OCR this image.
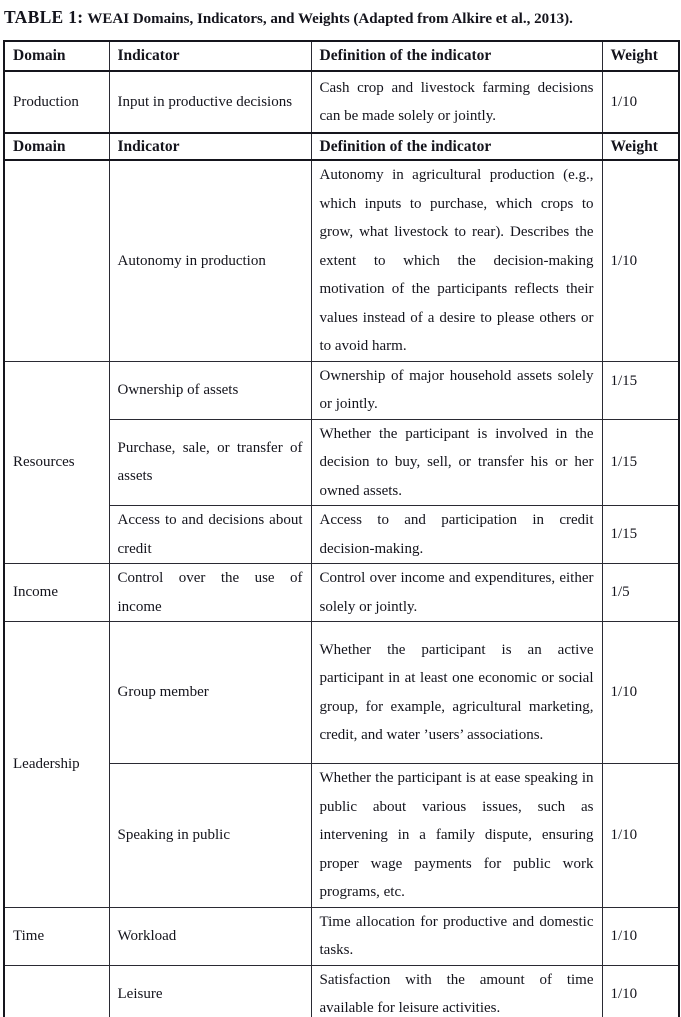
TABLE 1: WEAI Domains, Indicators, and Weights (Adapted from Alkire et al., 2013).

Domain	Indicator	Definition of the indicator	Weight
Production	Input in productive decisions	Cash crop and livestock farming decisions can be made solely or jointly.	1/10
Domain	Indicator	Definition of the indicator	Weight
	Autonomy in production	Autonomy in agricultural production (e.g., which inputs to purchase, which crops to grow, what livestock to rear). Describes the extent to which the decision-making motivation of the participants reflects their values instead of a desire to please others or to avoid harm.	1/10
Resources	Ownership of assets	Ownership of major household assets solely or jointly.	1/15
	Purchase, sale, or transfer of assets	Whether the participant is involved in the decision to buy, sell, or transfer his or her owned assets.	1/15
	Access to and decisions about credit	Access to and participation in credit decision-making.	1/15
Income	Control over the use of income	Control over income and expenditures, either solely or jointly.	1/5
Leadership	Group member	Whether the participant is an active participant in at least one economic or social group, for example, agricultural marketing, credit, and water ’users’ associations.	1/10
	Speaking in public	Whether the participant is at ease speaking in public about various issues, such as intervening in a family dispute, ensuring proper wage payments for public work programs, etc.	1/10
Time	Workload	Time allocation for productive and domestic tasks.	1/10
	Leisure	Satisfaction with the amount of time available for leisure activities.	1/10
